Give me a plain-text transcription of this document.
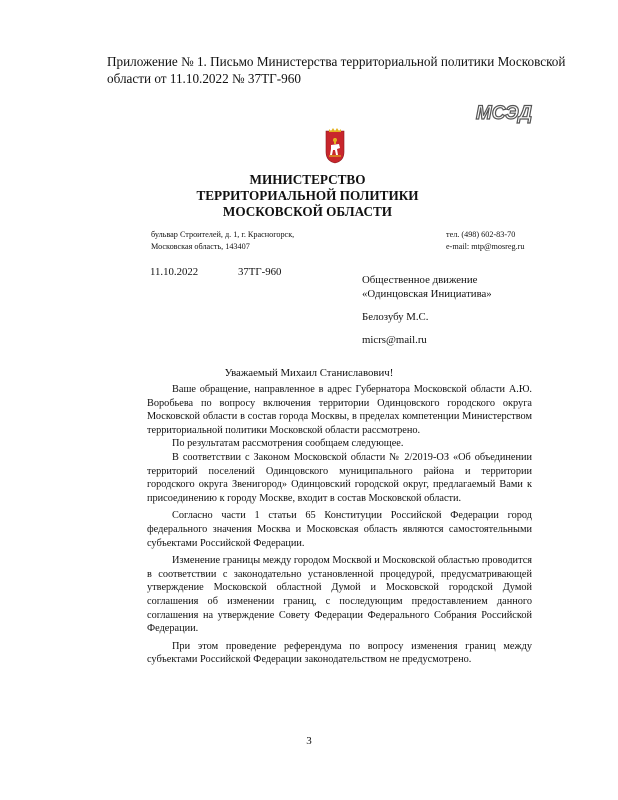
Приложение № 1. Письмо Министерства территориальной политики Московской области от 11.10.2022 № 37ТГ-960
МСЭД
МИНИСТЕРСТВО
ТЕРРИТОРИАЛЬНОЙ ПОЛИТИКИ
МОСКОВСКОЙ ОБЛАСТИ
бульвар Строителей, д. 1, г. Красногорск,
Московская область, 143407
тел. (498) 602-83-70
e-mail: mtp@mosreg.ru
11.10.2022	37ТГ-960
Общественное движение
«Одинцовская Инициатива»
Белозубу М.С.
micrs@mail.ru
Уважаемый Михаил Станиславович!

Ваше обращение, направленное в адрес Губернатора Московской области А.Ю. Воробьева по вопросу включения территории Одинцовского городского округа Московской области в состав города Москвы, в пределах компетенции Министерством территориальной политики Московской области рассмотрено.

По результатам рассмотрения сообщаем следующее.

В соответствии с Законом Московской области № 2/2019-ОЗ «Об объединении территорий поселений Одинцовского муниципального района и территории городского округа Звенигород» Одинцовский городской округ, предлагаемый Вами к присоединению к городу Москве, входит в состав Московской области.

Согласно части 1 статьи 65 Конституции Российской Федерации город федерального значения Москва и Московская область являются самостоятельными субъектами Российской Федерации.

Изменение границы между городом Москвой и Московской областью проводится в соответствии с законодательно установленной процедурой, предусматривающей утверждение Московской областной Думой и Московской городской Думой соглашения об изменении границ, с последующим предоставлением данного соглашения на утверждение Совету Федерации Федерального Собрания Российской Федерации.

При этом проведение референдума по вопросу изменения границ между субъектами Российской Федерации законодательством не предусмотрено.

3
